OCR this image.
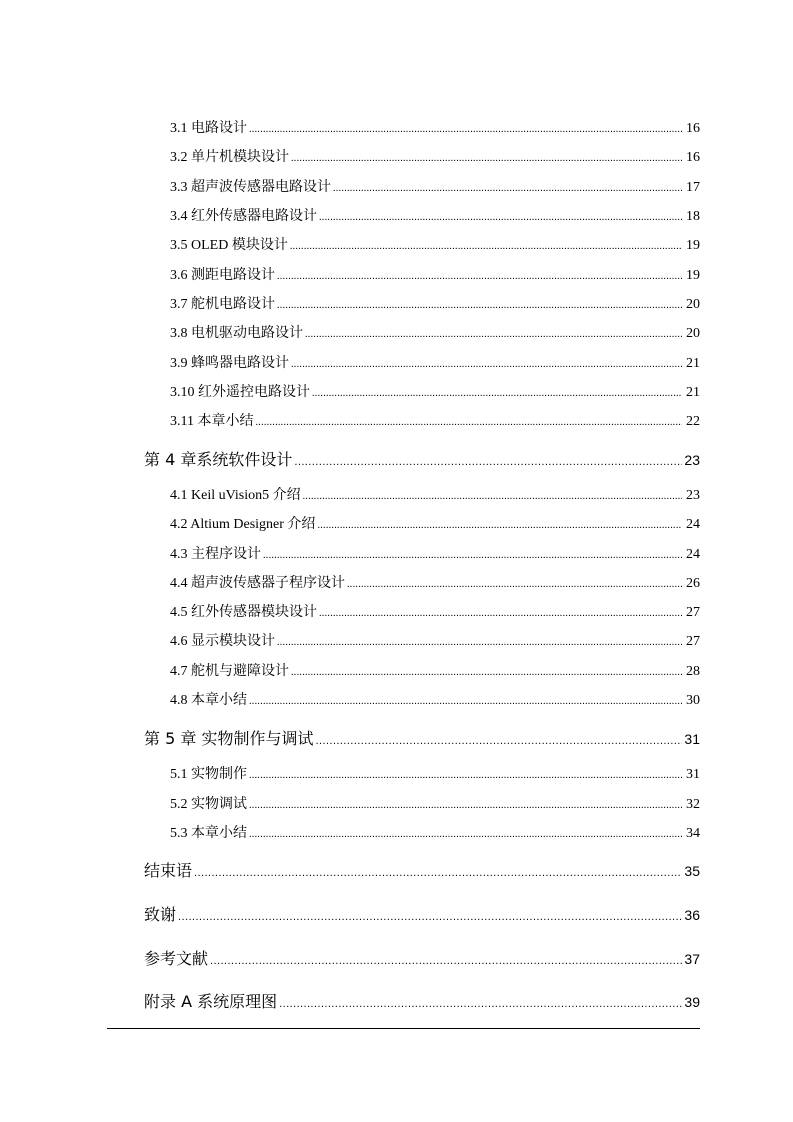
3.1 电路设计 .....	16
3.2 单片机模块设计 .....	16
3.3 超声波传感器电路设计 .....	17
3.4 红外传感器电路设计 .....	18
3.5 OLED 模块设计 .....	19
3.6 测距电路设计 .....	19
3.7 舵机电路设计 .....	20
3.8 电机驱动电路设计 .....	20
3.9 蜂鸣器电路设计 .....	21
3.10 红外遥控电路设计 .....	21
3.11 本章小结 .....	22
第 4 章系统软件设计 .....	23
4.1 Keil uVision5 介绍 .....	23
4.2 Altium Designer 介绍 .....	24
4.3 主程序设计 .....	24
4.4 超声波传感器子程序设计 .....	26
4.5 红外传感器模块设计 .....	27
4.6 显示模块设计 .....	27
4.7 舵机与避障设计 .....	28
4.8 本章小结 .....	30
第 5 章 实物制作与调试 .....	31
5.1 实物制作 .....	31
5.2 实物调试 .....	32
5.3 本章小结 .....	34
结束语 .....	35
致谢 .....	36
参考文献 .....	37
附录 A 系统原理图 .....	39
